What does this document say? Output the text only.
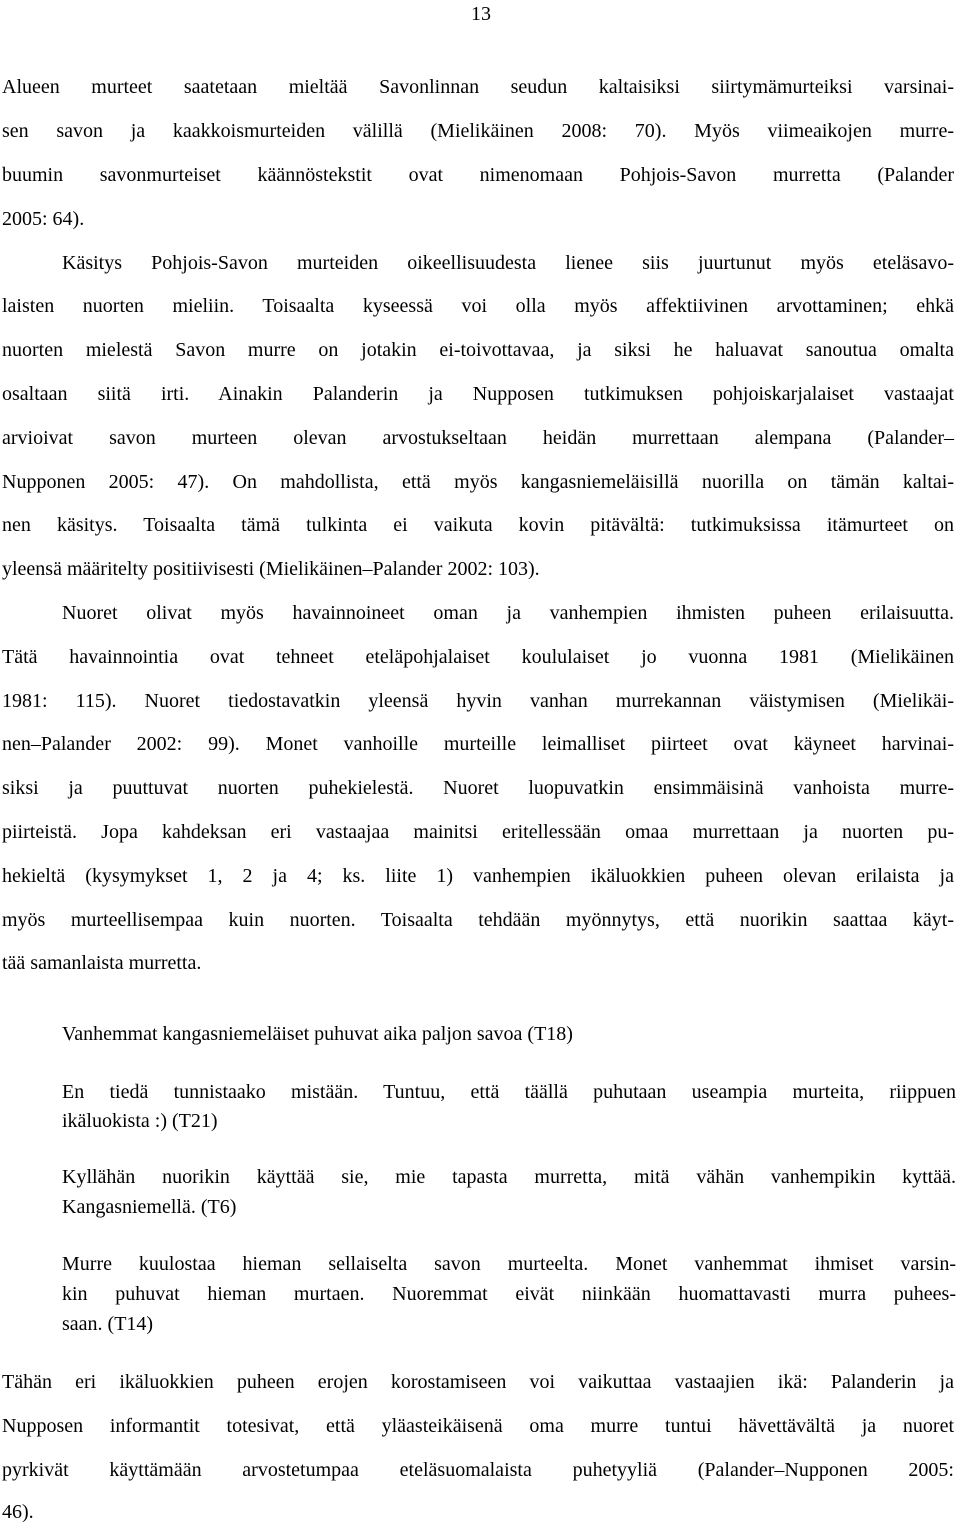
13
Alueen murteet saatetaan mieltää Savonlinnan seudun kaltaisiksi siirtymämurteiksi varsinai-
sen savon ja kaakkoismurteiden välillä (Mielikäinen 2008: 70). Myös viimeaikojen murre-
buumin savonmurteiset käännöstekstit ovat nimenomaan Pohjois-Savon murretta (Palander
2005: 64).
Käsitys Pohjois-Savon murteiden oikeellisuudesta lienee siis juurtunut myös eteläsavo-
laisten nuorten mieliin. Toisaalta kyseessä voi olla myös affektiivinen arvottaminen; ehkä
nuorten mielestä Savon murre on jotakin ei-toivottavaa, ja siksi he haluavat sanoutua omalta
osaltaan siitä irti. Ainakin Palanderin ja Nupposen tutkimuksen pohjoiskarjalaiset vastaajat
arvioivat savon murteen olevan arvostukseltaan heidän murrettaan alempana (Palander–
Nupponen 2005: 47). On mahdollista, että myös kangasniemeläisillä nuorilla on tämän kaltai-
nen käsitys. Toisaalta tämä tulkinta ei vaikuta kovin pitävältä: tutkimuksissa itämurteet on
yleensä määritelty positiivisesti (Mielikäinen–Palander 2002: 103).
Nuoret olivat myös havainnoineet oman ja vanhempien ihmisten puheen erilaisuutta.
Tätä havainnointia ovat tehneet eteläpohjalaiset koululaiset jo vuonna 1981 (Mielikäinen
1981: 115). Nuoret tiedostavatkin yleensä hyvin vanhan murrekannan väistymisen (Mielikäi-
nen–Palander 2002: 99). Monet vanhoille murteille leimalliset piirteet ovat käyneet harvinai-
siksi ja puuttuvat nuorten puhekielestä. Nuoret luopuvatkin ensimmäisinä vanhoista murre-
piirteistä. Jopa kahdeksan eri vastaajaa mainitsi eritellessään omaa murrettaan ja nuorten pu-
hekieltä (kysymykset 1, 2 ja 4; ks. liite 1) vanhempien ikäluokkien puheen olevan erilaista ja
myös murteellisempaa kuin nuorten. Toisaalta tehdään myönnytys, että nuorikin saattaa käyt-
tää samanlaista murretta.
Vanhemmat kangasniemeläiset puhuvat aika paljon savoa (T18)
En tiedä tunnistaako mistään. Tuntuu, että täällä puhutaan useampia murteita, riippuen
ikäluokista :) (T21)
Kyllähän nuorikin käyttää sie, mie tapasta murretta, mitä vähän vanhempikin kyttää.
Kangasniemellä. (T6)
Murre kuulostaa hieman sellaiselta savon murteelta. Monet vanhemmat ihmiset varsin-
kin puhuvat hieman murtaen. Nuoremmat eivät niinkään huomattavasti murra puhees-
saan. (T14)
Tähän eri ikäluokkien puheen erojen korostamiseen voi vaikuttaa vastaajien ikä: Palanderin ja
Nupposen informantit totesivat, että yläasteikäisenä oma murre tuntui hävettävältä ja nuoret
pyrkivät käyttämään arvostetumpaa eteläsuomalaista puhetyyliä (Palander–Nupponen 2005:
46).
